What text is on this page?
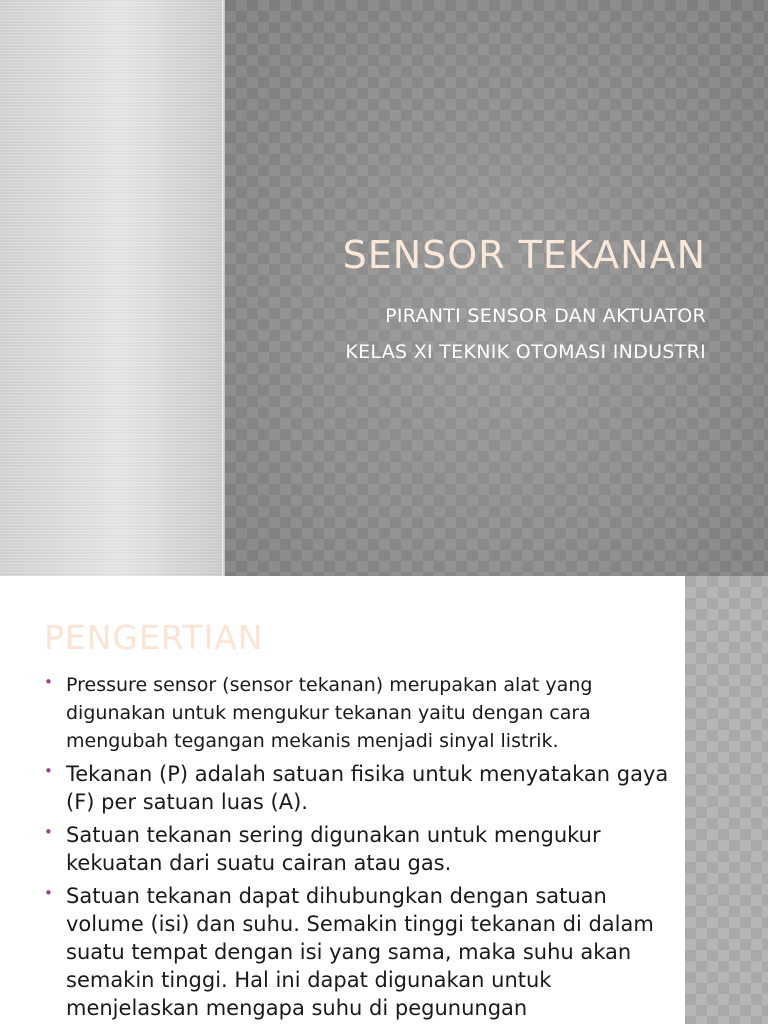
SENSOR TEKANAN
PIRANTI SENSOR DAN AKTUATOR
KELAS XI TEKNIK OTOMASI INDUSTRI
PENGERTIAN
• Pressure sensor (sensor tekanan) merupakan alat yang digunakan untuk mengukur tekanan yaitu dengan cara mengubah tegangan mekanis menjadi sinyal listrik.
• Tekanan (P) adalah satuan fisika untuk menyatakan gaya (F) per satuan luas (A).
• Satuan tekanan sering digunakan untuk mengukur kekuatan dari suatu cairan atau gas.
• Satuan tekanan dapat dihubungkan dengan satuan volume (isi) dan suhu. Semakin tinggi tekanan di dalam suatu tempat dengan isi yang sama, maka suhu akan semakin tinggi. Hal ini dapat digunakan untuk menjelaskan mengapa suhu di pegunungan
